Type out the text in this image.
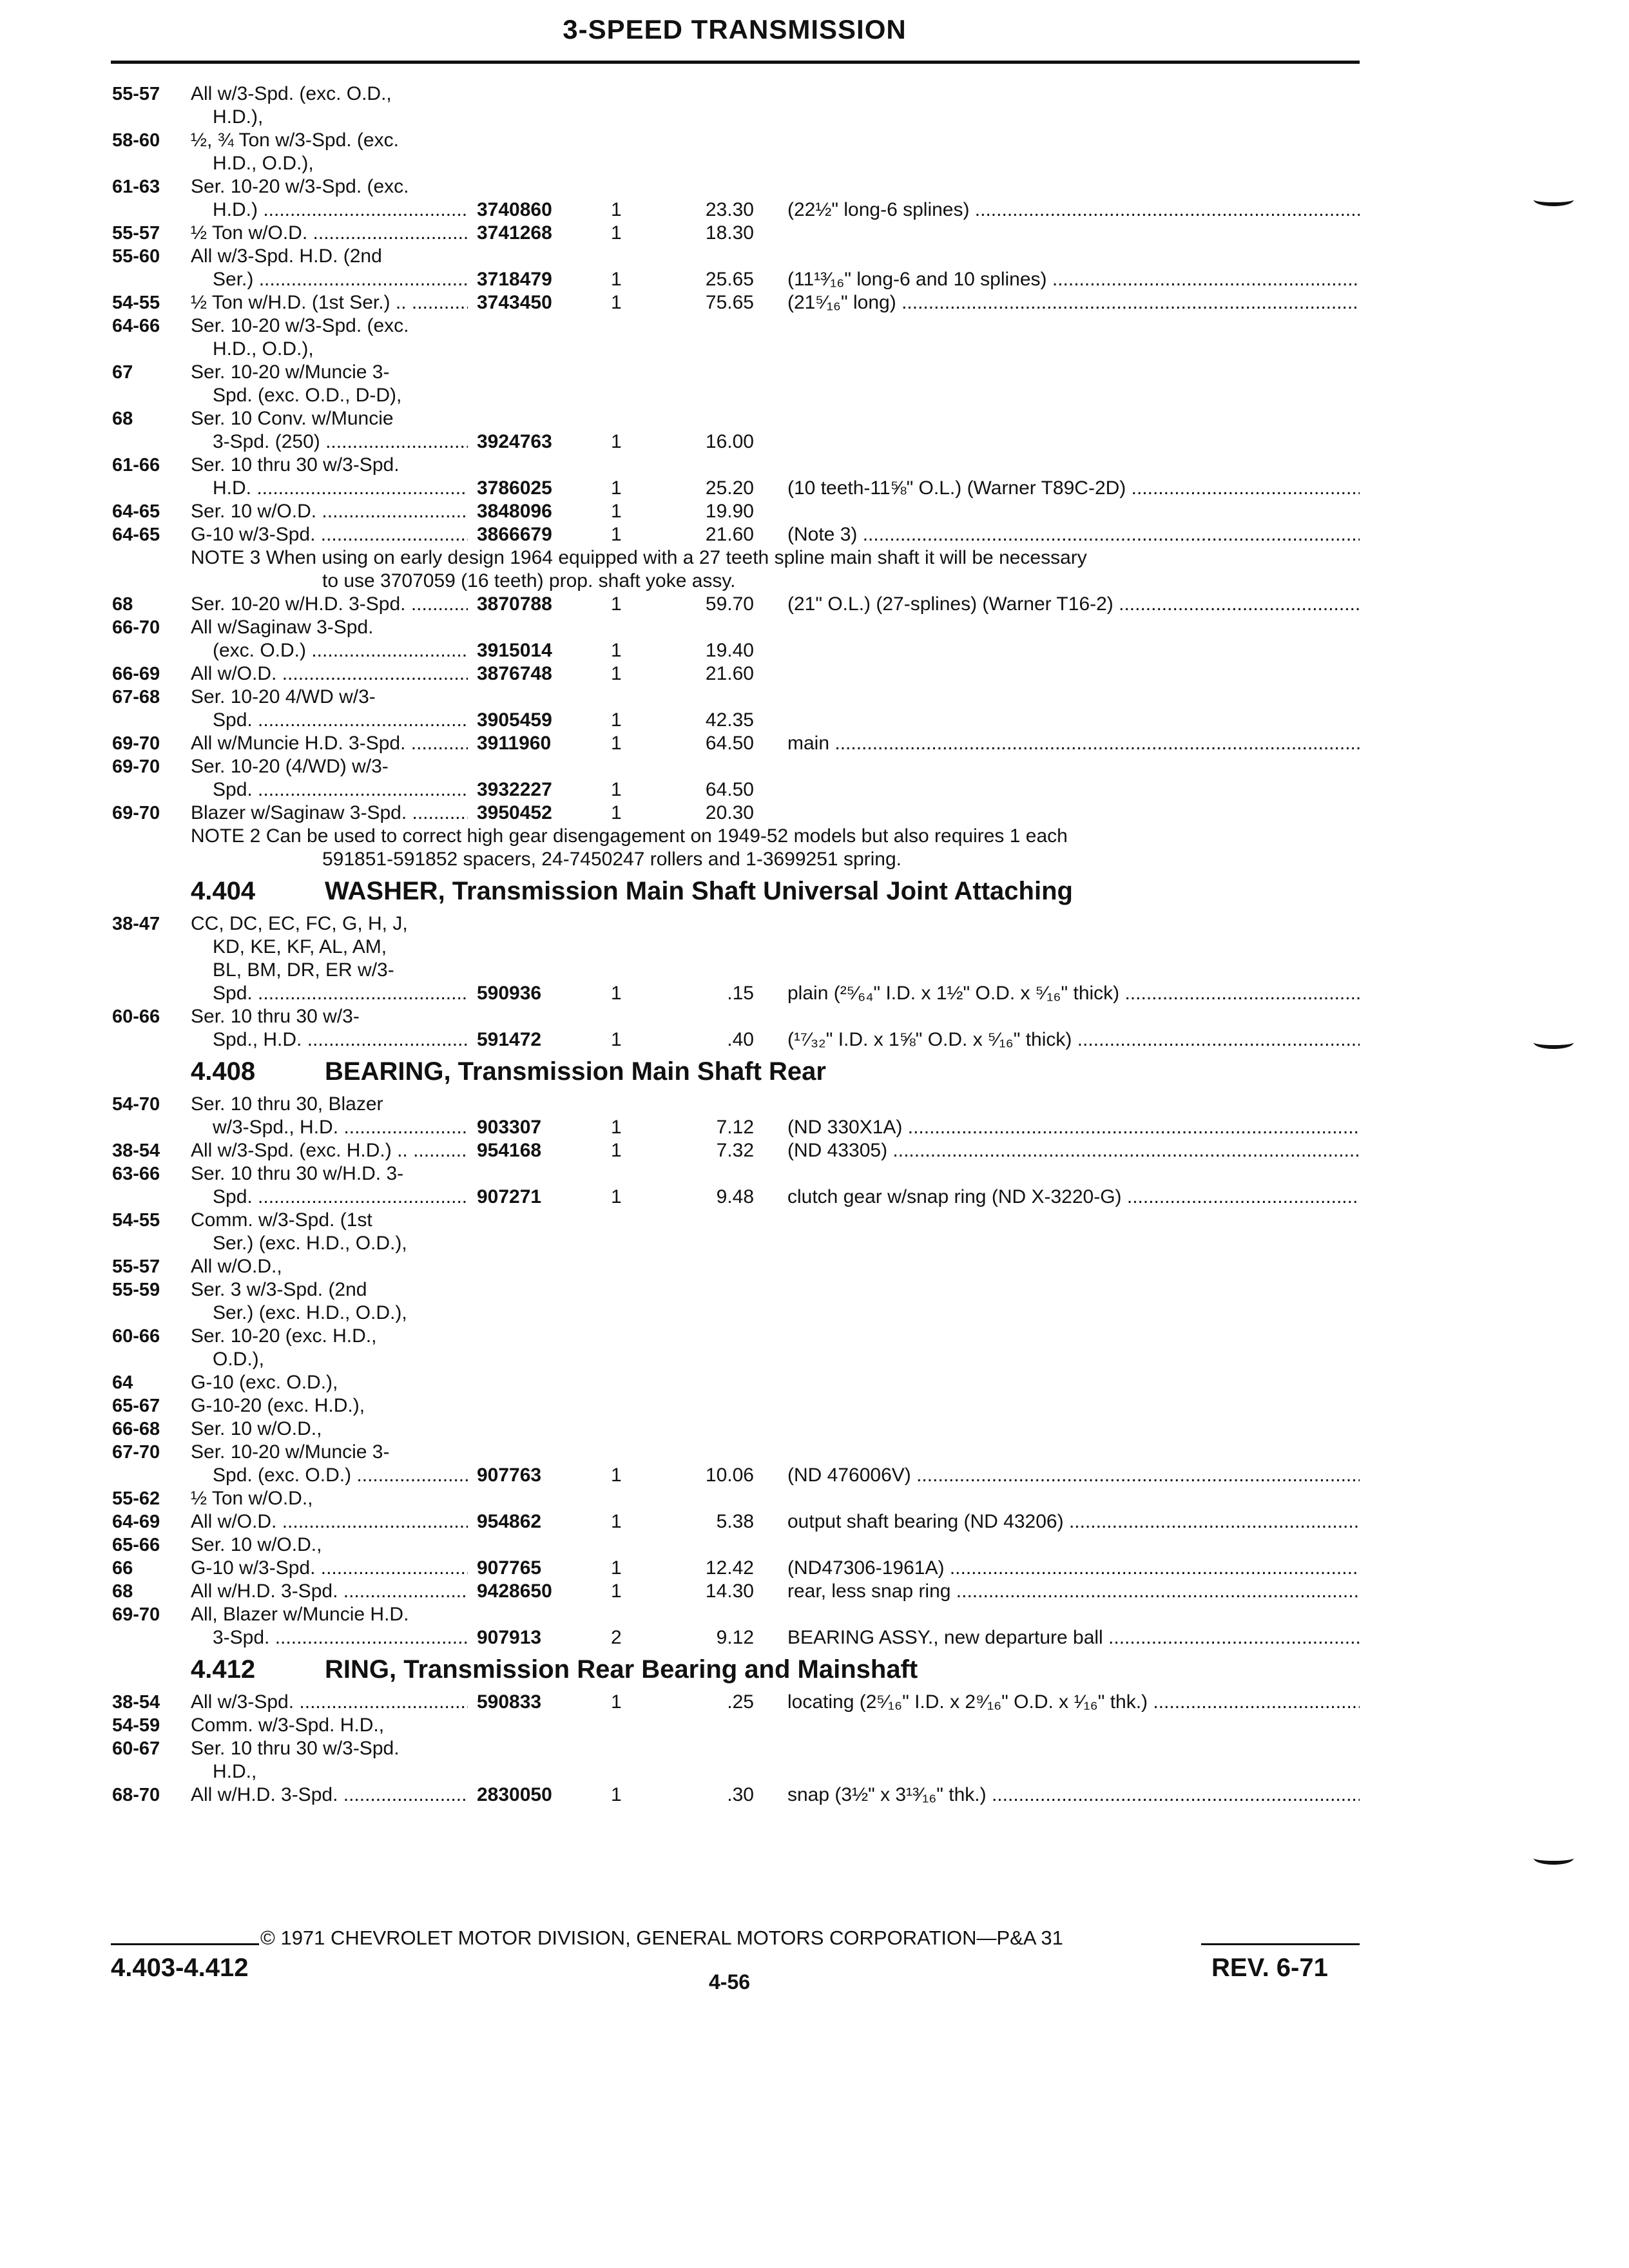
3-SPEED TRANSMISSION
55-57 All w/3-Spd. (exc. O.D.,
H.D.),
58-60 ½, ¾ Ton w/3-Spd. (exc.
H.D., O.D.),
61-63 Ser. 10-20 w/3-Spd. (exc.
H.D.) .....	3740860	1	23.30 (22½" long-6 splines) .....
55-57 ½ Ton w/O.D. .....	3741268	1	18.30
55-60 All w/3-Spd. H.D. (2nd
Ser.) .....	3718479	1	25.65 (11¹³⁄₁₆" long-6 and 10 splines) .....
54-55 ½ Ton w/H.D. (1st Ser.) .. .....	3743450	1	75.65 (21⁵⁄₁₆" long) .....
64-66 Ser. 10-20 w/3-Spd. (exc.
H.D., O.D.),
67	Ser. 10-20 w/Muncie 3-
Spd. (exc. O.D., D-D),
68	Ser. 10 Conv. w/Muncie
3-Spd. (250) .....	3924763	1	16.00
61-66 Ser. 10 thru 30 w/3-Spd.
H.D. .....	3786025	1	25.20 (10 teeth-11⅝" O.L.) (Warner T89C-2D) .....
64-65 Ser. 10 w/O.D. .....	3848096	1	19.90
64-65 G-10 w/3-Spd. .....	3866679	1	21.60 (Note 3) .....
NOTE 3 When using on early design 1964 equipped with a 27 teeth spline main shaft it will be necessary
to use 3707059 (16 teeth) prop. shaft yoke assy.
68	Ser. 10-20 w/H.D. 3-Spd. .....	3870788	1	59.70 (21" O.L.) (27-splines) (Warner T16-2) .....
66-70 All w/Saginaw 3-Spd.
(exc. O.D.) .....	3915014	1	19.40
66-69 All w/O.D. .....	3876748	1	21.60
67-68 Ser. 10-20 4/WD w/3-
Spd. .....	3905459	1	42.35
69-70 All w/Muncie H.D. 3-Spd. .....	3911960	1	64.50 main .....
69-70 Ser. 10-20 (4/WD) w/3-
Spd. .....	3932227	1	64.50
69-70 Blazer w/Saginaw 3-Spd. .....	3950452	1	20.30
NOTE 2 Can be used to correct high gear disengagement on 1949-52 models but also requires 1 each
591851-591852 spacers, 24-7450247 rollers and 1-3699251 spring.
4.404	WASHER, Transmission Main Shaft Universal Joint Attaching
38-47 CC, DC, EC, FC, G, H, J,
KD, KE, KF, AL, AM,
BL, BM, DR, ER w/3-
Spd. .....	590936	1	.15 plain (²⁵⁄₆₄" I.D. x 1½" O.D. x ⁵⁄₁₆" thick) .....
60-66 Ser. 10 thru 30 w/3-
Spd., H.D. .....	591472	1	.40 (¹⁷⁄₃₂" I.D. x 1⅝" O.D. x ⁵⁄₁₆" thick) .....
4.408	BEARING, Transmission Main Shaft Rear
54-70 Ser. 10 thru 30, Blazer
w/3-Spd., H.D. .....	903307	1	7.12 (ND 330X1A) .....
38-54 All w/3-Spd. (exc. H.D.) .. .....	954168	1	7.32 (ND 43305) .....
63-66 Ser. 10 thru 30 w/H.D. 3-
Spd. .....	907271	1	9.48 clutch gear w/snap ring (ND X-3220-G) .....
54-55 Comm. w/3-Spd. (1st
Ser.) (exc. H.D., O.D.),
55-57 All w/O.D.,
55-59 Ser. 3 w/3-Spd. (2nd
Ser.) (exc. H.D., O.D.),
60-66 Ser. 10-20 (exc. H.D.,
O.D.),
64	G-10 (exc. O.D.),
65-67 G-10-20 (exc. H.D.),
66-68 Ser. 10 w/O.D.,
67-70 Ser. 10-20 w/Muncie 3-
Spd. (exc. O.D.) .....	907763	1	10.06 (ND 476006V) .....
55-62 ½ Ton w/O.D.,
64-69 All w/O.D. .....	954862	1	5.38 output shaft bearing (ND 43206) .....
65-66 Ser. 10 w/O.D.,
66	G-10 w/3-Spd. .....	907765	1	12.42 (ND47306-1961A) .....
68	All w/H.D. 3-Spd. .....	9428650	1	14.30 rear, less snap ring .....
69-70 All, Blazer w/Muncie H.D.
3-Spd. .....	907913	2	9.12 BEARING ASSY., new departure ball .....
4.412	RING, Transmission Rear Bearing and Mainshaft
38-54 All w/3-Spd. .....	590833	1	.25 locating (2⁵⁄₁₆" I.D. x 2⁹⁄₁₆" O.D. x ¹⁄₁₆" thk.) .....
54-59 Comm. w/3-Spd. H.D.,
60-67 Ser. 10 thru 30 w/3-Spd.
H.D.,
68-70 All w/H.D. 3-Spd. .....	2830050	1	.30 snap (3½" x 3¹³⁄₁₆" thk.) .....
© 1971 CHEVROLET MOTOR DIVISION, GENERAL MOTORS CORPORATION—P&A 31
4.403-4.412	4-56	REV. 6-71
